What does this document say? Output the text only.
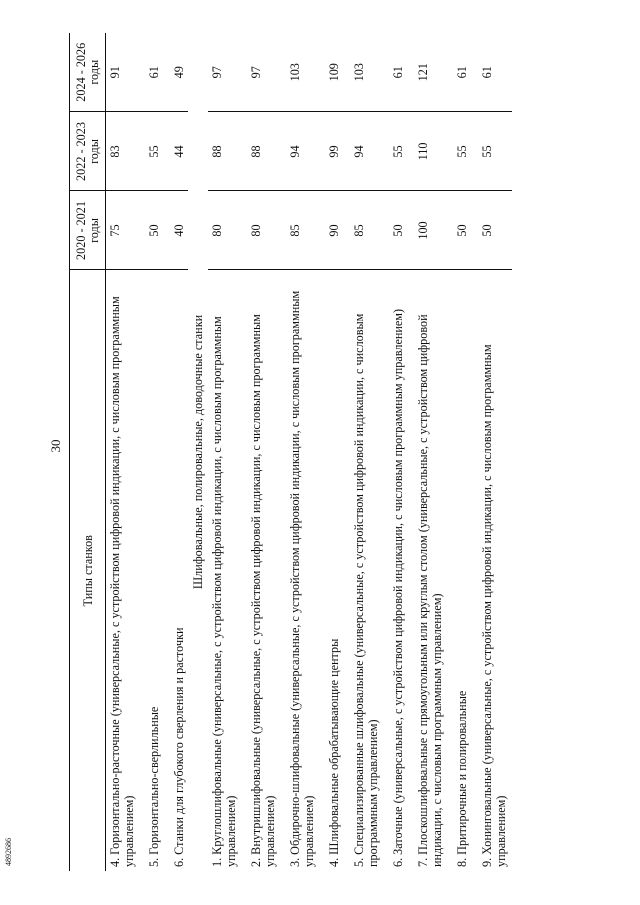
30
4892686
Типы станков	2020 - 2021 годы	2022 - 2023 годы	2024 - 2026 годы
4. Горизонтально-расточные (универсальные, с устройством цифровой индикации, с числовым программным управлением)	75	83	91
5. Горизонтально-сверлильные	50	55	61
6. Станки для глубокого сверления и расточки	40	44	49
Шлифовальные, полировальные, доводочные станки			
1. Круглошлифовальные (универсальные, с устройством цифровой индикации, с числовым программным управлением)	80	88	97
2. Внутришлифовальные (универсальные, с устройством цифровой индикации, с числовым программным управлением)	80	88	97
3. Обдирочно-шлифовальные (универсальные, с устройством цифровой индикации, с числовым программным управлением)	85	94	103
4. Шлифовальные обрабатывающие центры	90	99	109
5. Специализированные шлифовальные (универсальные, с устройством цифровой индикации, с числовым программным управлением)	85	94	103
6. Заточные (универсальные, с устройством цифровой индикации, с числовым программным управлением)	50	55	61
7. Плоскошлифовальные с прямоугольным или круглым столом (универсальные, с устройством цифровой индикации, с числовым программным управлением)	100	110	121
8. Притирочные и полировальные	50	55	61
9. Хонинговальные (универсальные, с устройством цифровой индикации, с числовым программным управлением)	50	55	61
